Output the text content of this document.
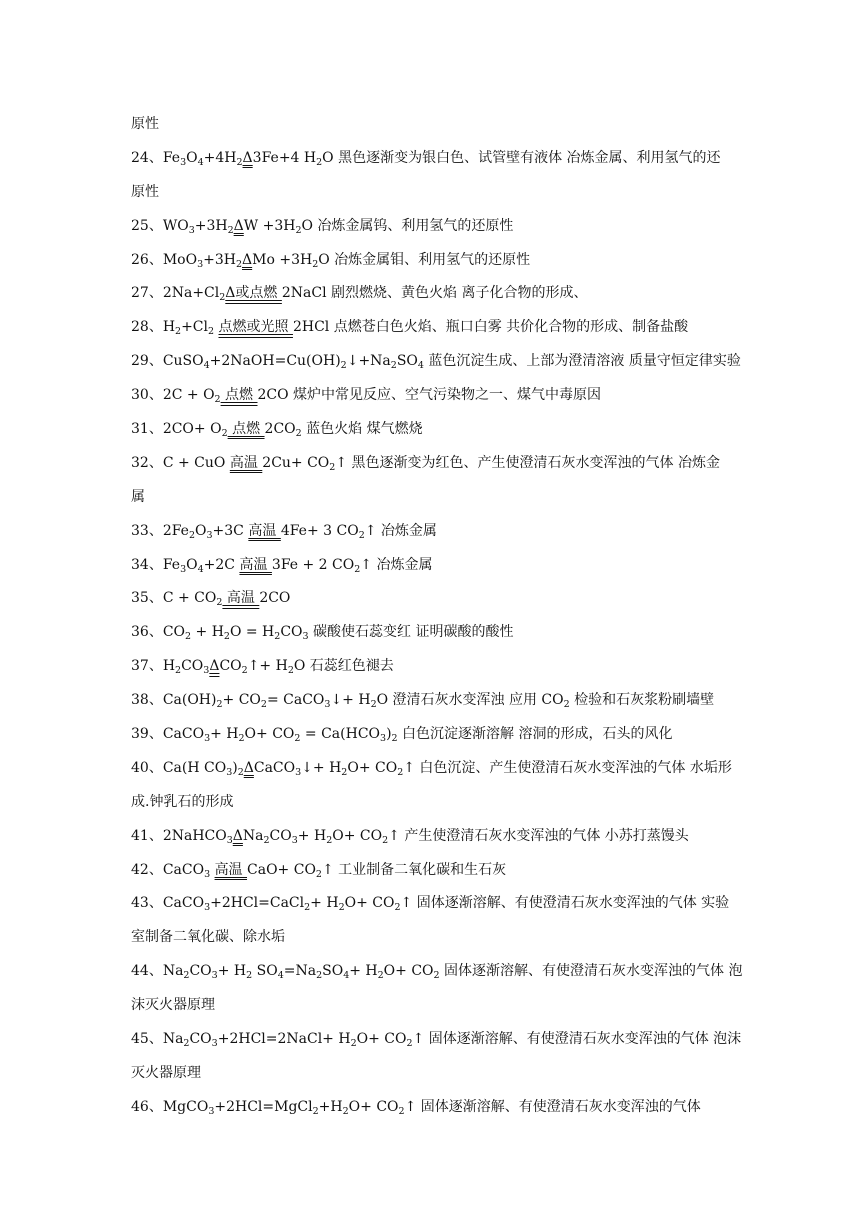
原性
24、$Fe_3O_4+4H_2\Delta 3Fe+4$ $H_2O$ 黑色逐渐变为银白色、试管壁有液体 冶炼金属、利用氢气的还
原性
25、$WO_3+3H_2\Delta W +3H_2O$ 冶炼金属钨、利用氢气的还原性
26、$MoO_3+3H_2\Delta Mo +3H_2O$ 冶炼金属钼、利用氢气的还原性
27、$2Na+Cl_2\Delta$或点燃 2NaCl 剧烈燃烧、黄色火焰 离子化合物的形成、
28、$H_2+Cl_2$ 点燃或光照 2HCl 点燃苍白色火焰、瓶口白雾 共价化合物的形成、制备盐酸
29、$CuSO_4+2NaOH=Cu(OH)_2↓+Na_2SO_4$ 蓝色沉淀生成、上部为澄清溶液 质量守恒定律实验
30、$2C + O_2$ 点燃 2CO 煤炉中常见反应、空气污染物之一、煤气中毒原因
31、$2CO+ O_2$ 点燃 $2CO_2$ 蓝色火焰 煤气燃烧
32、C + CuO 高温 $2Cu+ CO_2↑$ 黑色逐渐变为红色、产生使澄清石灰水变浑浊的气体 冶炼金
属
33、$2Fe_2O_3+3C$ 高温 4Fe+ 3 $CO_2↑$ 冶炼金属
34、$Fe_3O_4+2C$ 高温 3Fe + 2 $CO_2↑$ 冶炼金属
35、$C + CO_2$ 高温 2CO
36、$CO_2 + H_2O = H_2CO_3$ 碳酸使石蕊变红 证明碳酸的酸性
37、$H_2CO_3\Delta CO_2↑+ H_2O$ 石蕊红色褪去
38、$Ca(OH)_2+ CO_2=$ CaCO$_3$↓+ $H_2O$ 澄清石灰水变浑浊 应用 $CO_2$ 检验和石灰浆粉刷墙壁
39、CaCO$_3$+ $H_2O+ CO_2 = Ca(HCO_3)_2$ 白色沉淀逐渐溶解 溶洞的形成，石头的风化
40、Ca(H $CO_3)_2\Delta CaCO_3↓+ H_2O+$ $CO_2↑$ 白色沉淀、产生使澄清石灰水变浑浊的气体 水垢形
成.钟乳石的形成
41、$2NaHCO_3\Delta Na_2CO_3+ H_2O+$ $CO_2↑$ 产生使澄清石灰水变浑浊的气体 小苏打蒸馒头
42、CaCO$_3$ 高温 $CaO+ CO_2↑$ 工业制备二氧化碳和生石灰
43、CaCO$_3$+2HCl=CaCl$_2$+ $H_2O+$ $CO_2↑$ 固体逐渐溶解、有使澄清石灰水变浑浊的气体 实验
室制备二氧化碳、除水垢
44、$Na_2CO_3+ H_2$ $SO_4=Na_2SO_4+ H_2O+ CO_2$ 固体逐渐溶解、有使澄清石灰水变浑浊的气体 泡
沫灭火器原理
45、$Na_2CO_3+2HCl=2NaCl+ H_2O+$ $CO_2↑$ 固体逐渐溶解、有使澄清石灰水变浑浊的气体 泡沫
灭火器原理
46、$MgCO_3+2HCl=MgCl_2+H_2O+$ $CO_2↑$ 固体逐渐溶解、有使澄清石灰水变浑浊的气体
